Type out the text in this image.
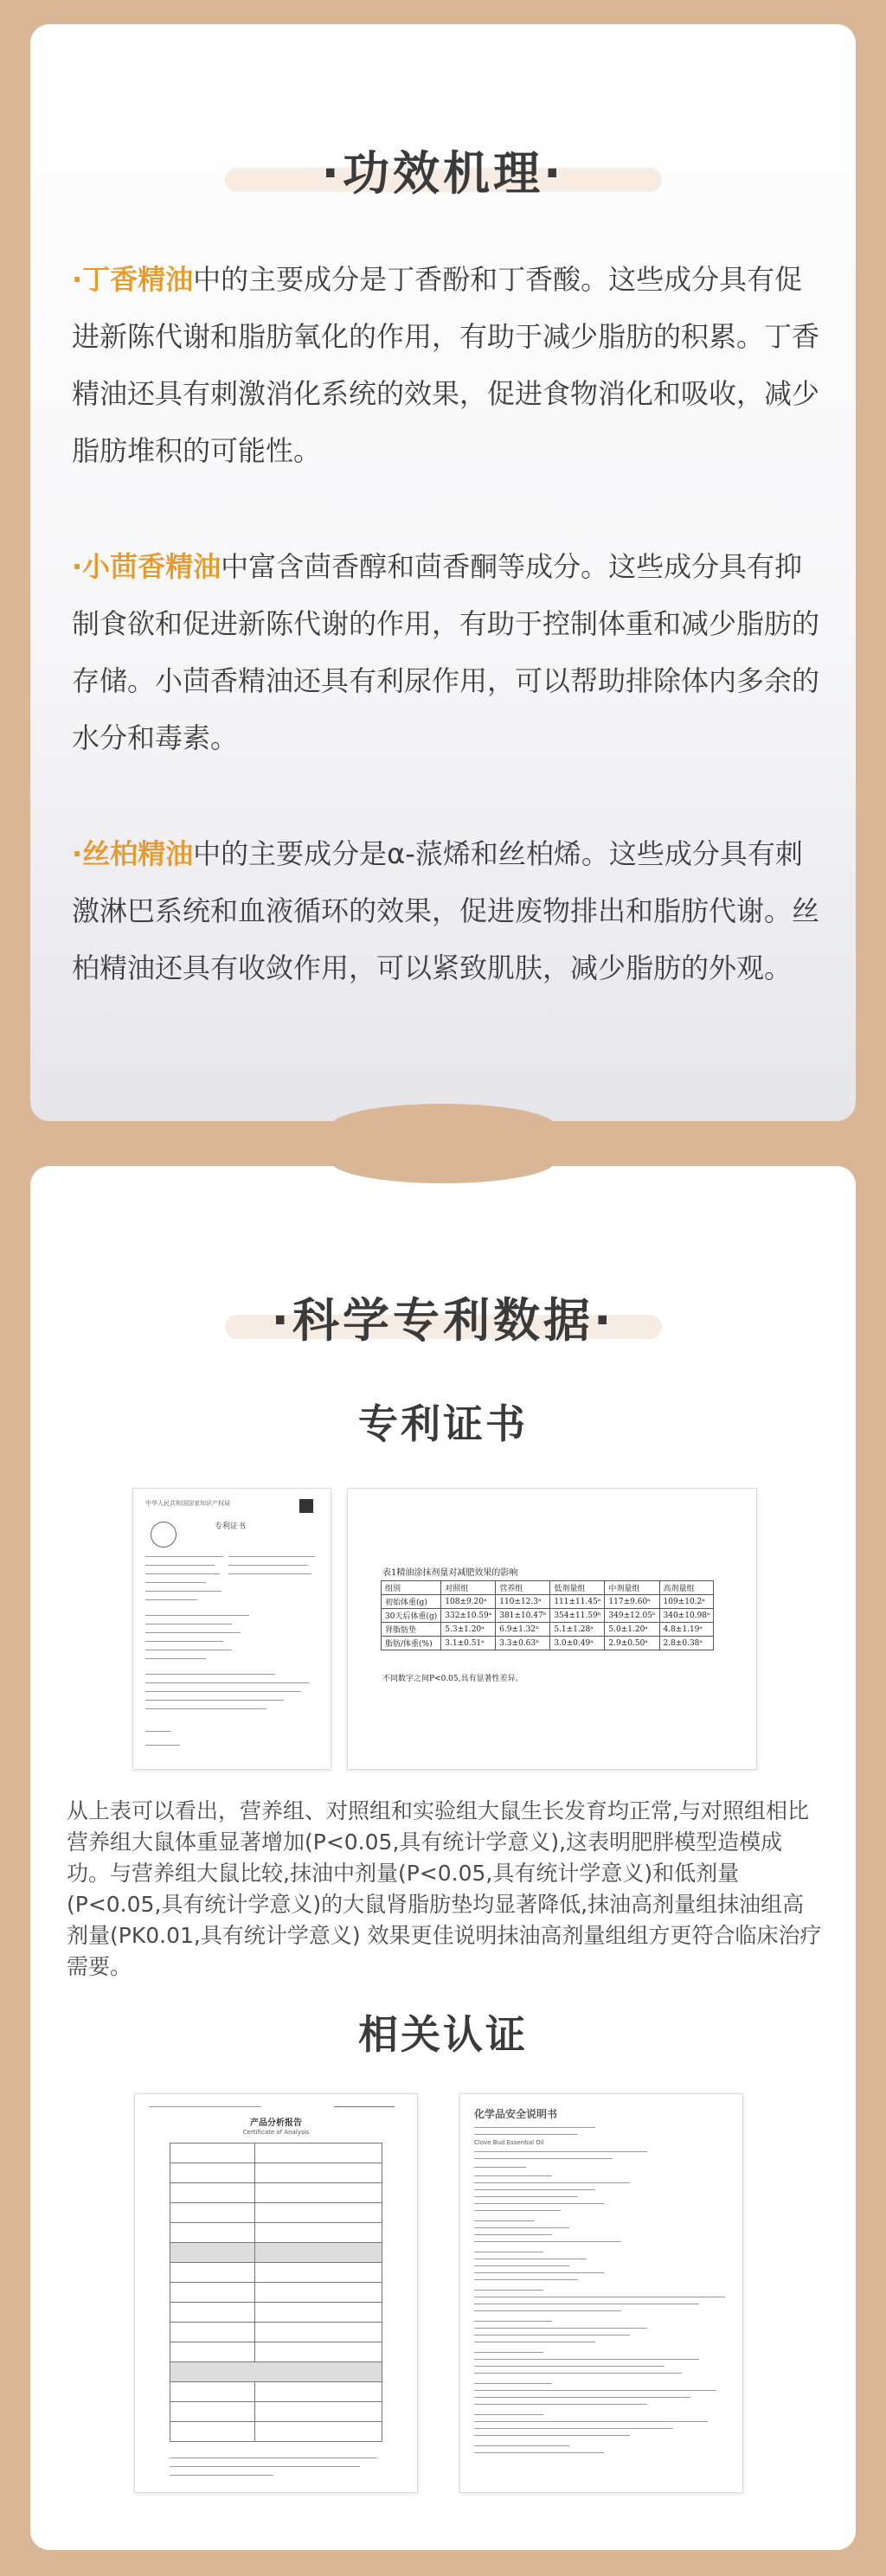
·功效机理·
·丁香精油中的主要成分是丁香酚和丁香酸。这些成分具有促进新陈代谢和脂肪氧化的作用，有助于减少脂肪的积累。丁香精油还具有刺激消化系统的效果，促进食物消化和吸收，减少脂肪堆积的可能性。
·小茴香精油中富含茴香醇和茴香酮等成分。这些成分具有抑制食欲和促进新陈代谢的作用，有助于控制体重和减少脂肪的存储。小茴香精油还具有利尿作用，可以帮助排除体内多余的水分和毒素。
·丝柏精油中的主要成分是α-蒎烯和丝柏烯。这些成分具有刺激淋巴系统和血液循环的效果，促进废物排出和脂肪代谢。丝柏精油还具有收敛作用，可以紧致肌肤，减少脂肪的外观。
·科学专利数据·
专利证书
中华人民共和国国家知识产权局
专利证书
表1精油涂抹剂量对减肥效果的影响
组别	对照组	营养组	低剂量组	中剂量组	高剂量组
初始体重(g)	108±9.20ᵃ	110±12.3ᵃ	111±11.45ᵃ	117±9.60ᵃ	109±10.2ᵃ
30天后体重(g)	332±10.59ᵃ	381±10.47ᵇ	354±11.59ᵇ	349±12.05ᵇ	340±10.98ᵃ
肾脂肪垫	5.3±1.20ᵃ	6.9±1.32ᵇ	5.1±1.28ᵃ	5.0±1.20ᵃ	4.8±1.19ᵃ
脂肪/体重(%)	3.1±0.51ᵃ	3.3±0.63ᵇ	3.0±0.49ᵃ	2.9±0.50ᵃ	2.8±0.38ᵃ
不同数字之间P<0.05,具有显著性差异。
从上表可以看出，营养组、对照组和实验组大鼠生长发育均正常,与对照组相比营养组大鼠体重显著增加(P<0.05,具有统计学意义),这表明肥胖模型造模成功。与营养组大鼠比较,抹油中剂量(P<0.05,具有统计学意义)和低剂量(P<0.05,具有统计学意义)的大鼠肾脂肪垫均显著降低,抹油高剂量组抹油组高剂量(PK0.01,具有统计学意义) 效果更佳说明抹油高剂量组组方更符合临床治疗需要。
相关认证
产品分析报告
Certificate of Analysis

化学品安全说明书
Clove Bud Essential Oil
